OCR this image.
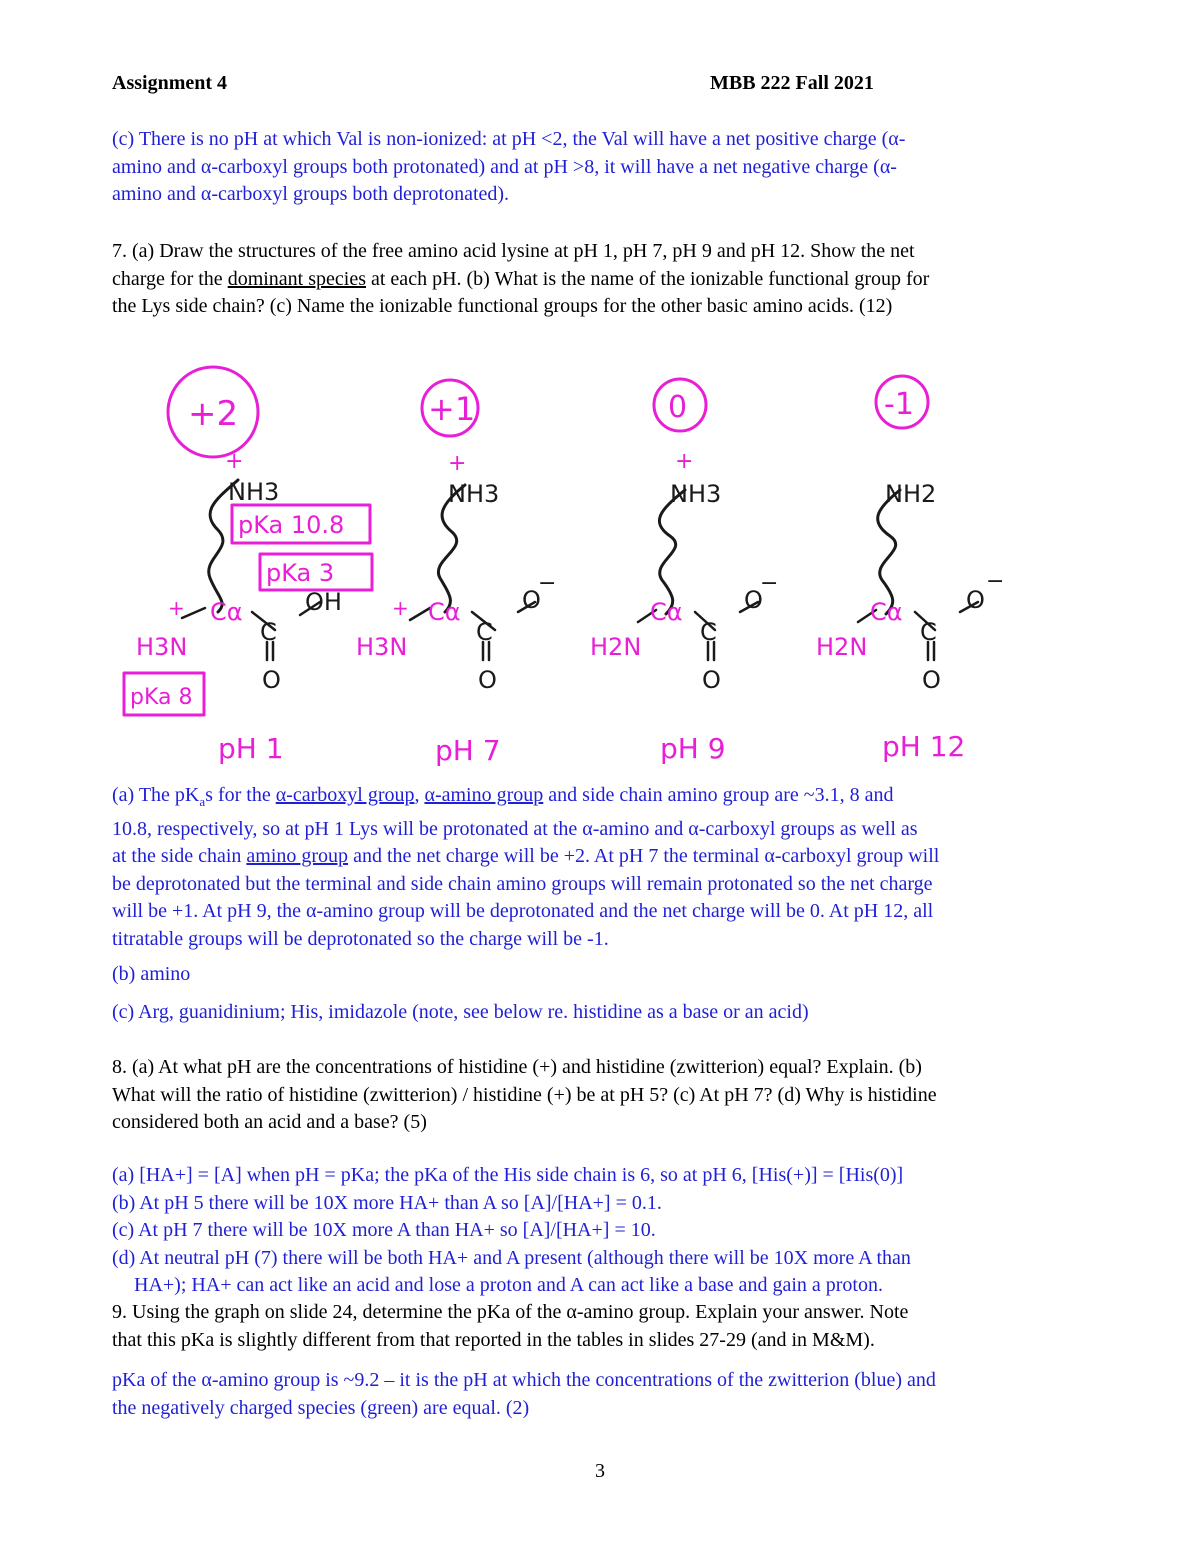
Assignment 4	MBB 222 Fall 2021
(c) There is no pH at which Val is non-ionized: at pH <2, the Val will have a net positive charge (α-
amino and α-carboxyl groups both protonated) and at pH >8, it will have a net negative charge (α-
amino and α-carboxyl groups both deprotonated).
7. (a) Draw the structures of the free amino acid lysine at pH 1, pH 7, pH 9 and pH 12. Show the net
charge for the dominant species at each pH. (b) What is the name of the ionizable functional group for
the Lys side chain? (c) Name the ionizable functional groups for the other basic amino acids. (12)
+2
+
NH3
pKa 10.8
pKa 3
pKa 8
+
H3N
Cα
C
OH
O
pH 1
+1
+
NH3
+
H3N
Cα
C
O
−
O
pH 7
0
+
NH3
H2N
Cα
C
O
−
O
pH 9
-1
NH2
H2N
Cα
C
O
−
O
pH 12
(a) The $pK_as$ for the α-carboxyl group, α-amino group and side chain amino group are ~3.1, 8 and
10.8, respectively, so at pH 1 Lys will be protonated at the α-amino and α-carboxyl groups as well as
at the side chain amino group and the net charge will be +2. At pH 7 the terminal α-carboxyl group will
be deprotonated but the terminal and side chain amino groups will remain protonated so the net charge
will be +1. At pH 9, the α-amino group will be deprotonated and the net charge will be 0. At pH 12, all
titratable groups will be deprotonated so the charge will be -1.
(b) amino
(c) Arg, guanidinium; His, imidazole (note, see below re. histidine as a base or an acid)
8. (a) At what pH are the concentrations of histidine (+) and histidine (zwitterion) equal? Explain. (b)
What will the ratio of histidine (zwitterion) / histidine (+) be at pH 5? (c) At pH 7? (d) Why is histidine
considered both an acid and a base? (5)
(a) [HA+] = [A] when pH = pKa; the pKa of the His side chain is 6, so at pH 6, [His(+)] = [His(0)]
(b) At pH 5 there will be 10X more HA+ than A so [A]/[HA+] = 0.1.
(c) At pH 7 there will be 10X more A than HA+ so [A]/[HA+] = 10.
(d) At neutral pH (7) there will be both HA+ and A present (although there will be 10X more A than
HA+); HA+ can act like an acid and lose a proton and A can act like a base and gain a proton.
9. Using the graph on slide 24, determine the pKa of the α-amino group. Explain your answer. Note
that this pKa is slightly different from that reported in the tables in slides 27-29 (and in M&M).
pKa of the α-amino group is ~9.2 – it is the pH at which the concentrations of the zwitterion (blue) and
the negatively charged species (green) are equal. (2)
3
